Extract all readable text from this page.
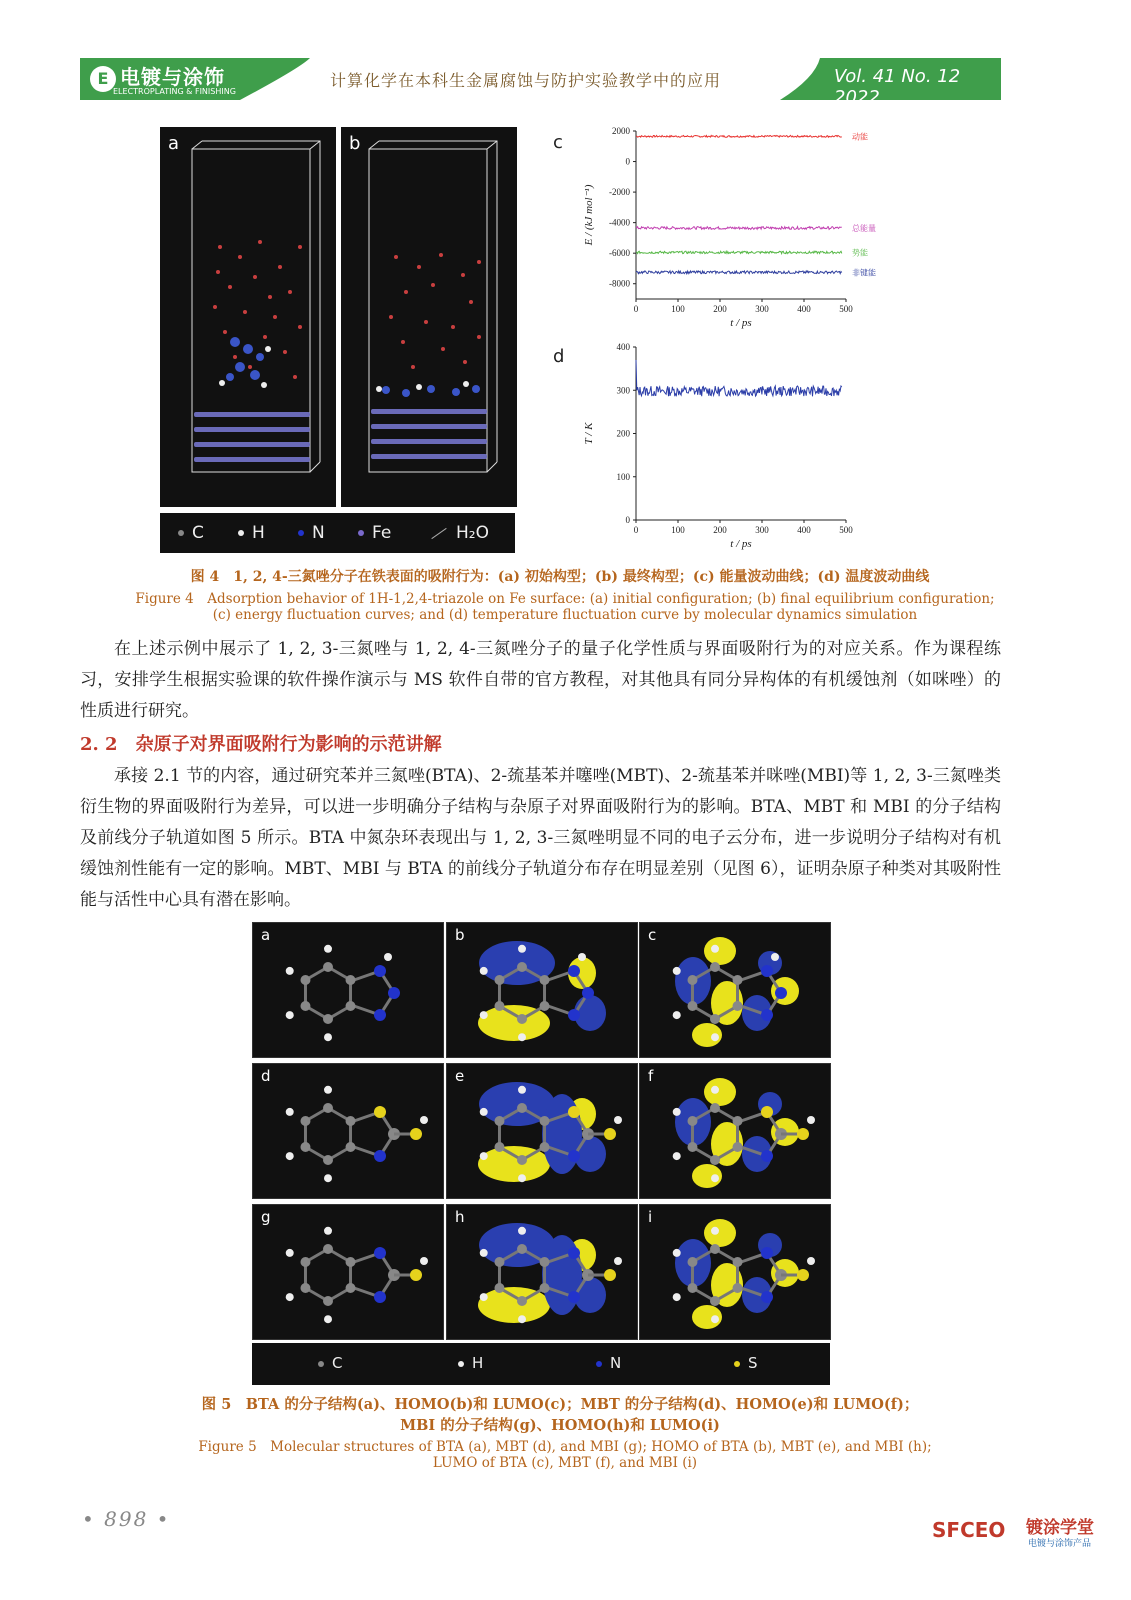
E 电镀与涂饰
ELECTROPLATING & FINISHING
计算化学在本科生金属腐蚀与防护实验教学中的应用	Vol. 41 No. 12 2022
a	b
C	H	N	Fe	H₂O
0	100	200	300	400	500
2000
0
-2000
-4000
-6000
-8000
t / ps
E / (kJ mol⁻¹)
动能
总能量
势能
非键能
c
0	100	200	300	400	500
0
100
200
300
400
t / ps
T / K
d
图 4　1, 2, 4-三氮唑分子在铁表面的吸附行为：(a) 初始构型；(b) 最终构型；(c) 能量波动曲线；(d) 温度波动曲线
Figure 4　Adsorption behavior of 1H-1,2,4-triazole on Fe surface: (a) initial configuration; (b) final equilibrium configuration;
(c) energy fluctuation curves; and (d) temperature fluctuation curve by molecular dynamics simulation
在上述示例中展示了 1, 2, 3-三氮唑与 1, 2, 4-三氮唑分子的量子化学性质与界面吸附行为的对应关系。作为课程练习，安排学生根据实验课的软件操作演示与 MS 软件自带的官方教程，对其他具有同分异构体的有机缓蚀剂（如咪唑）的性质进行研究。
2. 2　杂原子对界面吸附行为影响的示范讲解
承接 2.1 节的内容，通过研究苯并三氮唑(BTA)、2-巯基苯并噻唑(MBT)、2-巯基苯并咪唑(MBI)等 1, 2, 3-三氮唑类衍生物的界面吸附行为差异，可以进一步明确分子结构与杂原子对界面吸附行为的影响。BTA、MBT 和 MBI 的分子结构及前线分子轨道如图 5 所示。BTA 中氮杂环表现出与 1, 2, 3-三氮唑明显不同的电子云分布，进一步说明分子结构对有机缓蚀剂性能有一定的影响。MBT、MBI 与 BTA 的前线分子轨道分布存在明显差别（见图 6），证明杂原子种类对其吸附性能与活性中心具有潜在影响。
a	b	c
d	e	f
g	h	i
C	H	N	S
图 5　BTA 的分子结构(a)、HOMO(b)和 LUMO(c)；MBT 的分子结构(d)、HOMO(e)和 LUMO(f)；
MBI 的分子结构(g)、HOMO(h)和 LUMO(i)
Figure 5　Molecular structures of BTA (a), MBT (d), and MBI (g); HOMO of BTA (b), MBT (e), and MBI (h);
LUMO of BTA (c), MBT (f), and MBI (i)
• 898 •	SFCEO 镀涂学堂
电镀与涂饰产品
